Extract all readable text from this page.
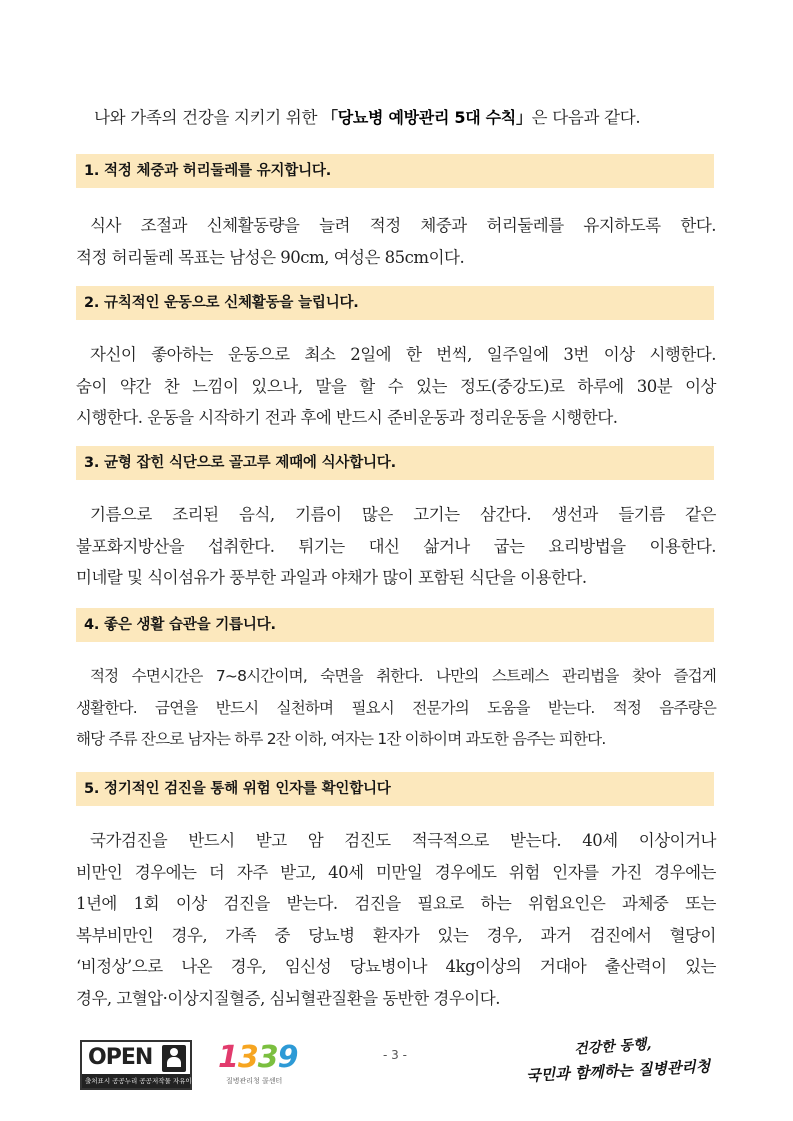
나와 가족의 건강을 지키기 위한 「당뇨병 예방관리 5대 수칙」은 다음과 같다.
1. 적정 체중과 허리둘레를 유지합니다.
식사 조절과 신체활동량을 늘려 적정 체중과 허리둘레를 유지하도록 한다.
적정 허리둘레 목표는 남성은 90cm, 여성은 85cm이다.
2. 규칙적인 운동으로 신체활동을 늘립니다.
자신이 좋아하는 운동으로 최소 2일에 한 번씩, 일주일에 3번 이상 시행한다.
숨이 약간 찬 느낌이 있으나, 말을 할 수 있는 정도(중강도)로 하루에 30분 이상
시행한다. 운동을 시작하기 전과 후에 반드시 준비운동과 정리운동을 시행한다.
3. 균형 잡힌 식단으로 골고루 제때에 식사합니다.
기름으로 조리된 음식, 기름이 많은 고기는 삼간다. 생선과 들기름 같은
불포화지방산을 섭취한다. 튀기는 대신 삶거나 굽는 요리방법을 이용한다.
미네랄 및 식이섬유가 풍부한 과일과 야채가 많이 포함된 식단을 이용한다.
4. 좋은 생활 습관을 기릅니다.
적정 수면시간은 7~8시간이며, 숙면을 취한다. 나만의 스트레스 관리법을 찾아 즐겁게
생활한다. 금연을 반드시 실천하며 필요시 전문가의 도움을 받는다. 적정 음주량은
해당 주류 잔으로 남자는 하루 2잔 이하, 여자는 1잔 이하이며 과도한 음주는 피한다.
5. 정기적인 검진을 통해 위험 인자를 확인합니다
국가검진을 반드시 받고 암 검진도 적극적으로 받는다. 40세 이상이거나
비만인 경우에는 더 자주 받고, 40세 미만일 경우에도 위험 인자를 가진 경우에는
1년에 1회 이상 검진을 받는다. 검진을 필요로 하는 위험요인은 과체중 또는
복부비만인 경우, 가족 중 당뇨병 환자가 있는 경우, 과거 검진에서 혈당이
‘비정상’으로 나온 경우, 임신성 당뇨병이나 4kg이상의 거대아 출산력이 있는
경우, 고혈압·이상지질혈증, 심뇌혈관질환을 동반한 경우이다.
OPEN
출처표시 공공누리 공공저작물 자유이용허락
1339
질병관리청 콜센터
- 3 -	건강한 동행,
국민과 함께하는 질병관리청
